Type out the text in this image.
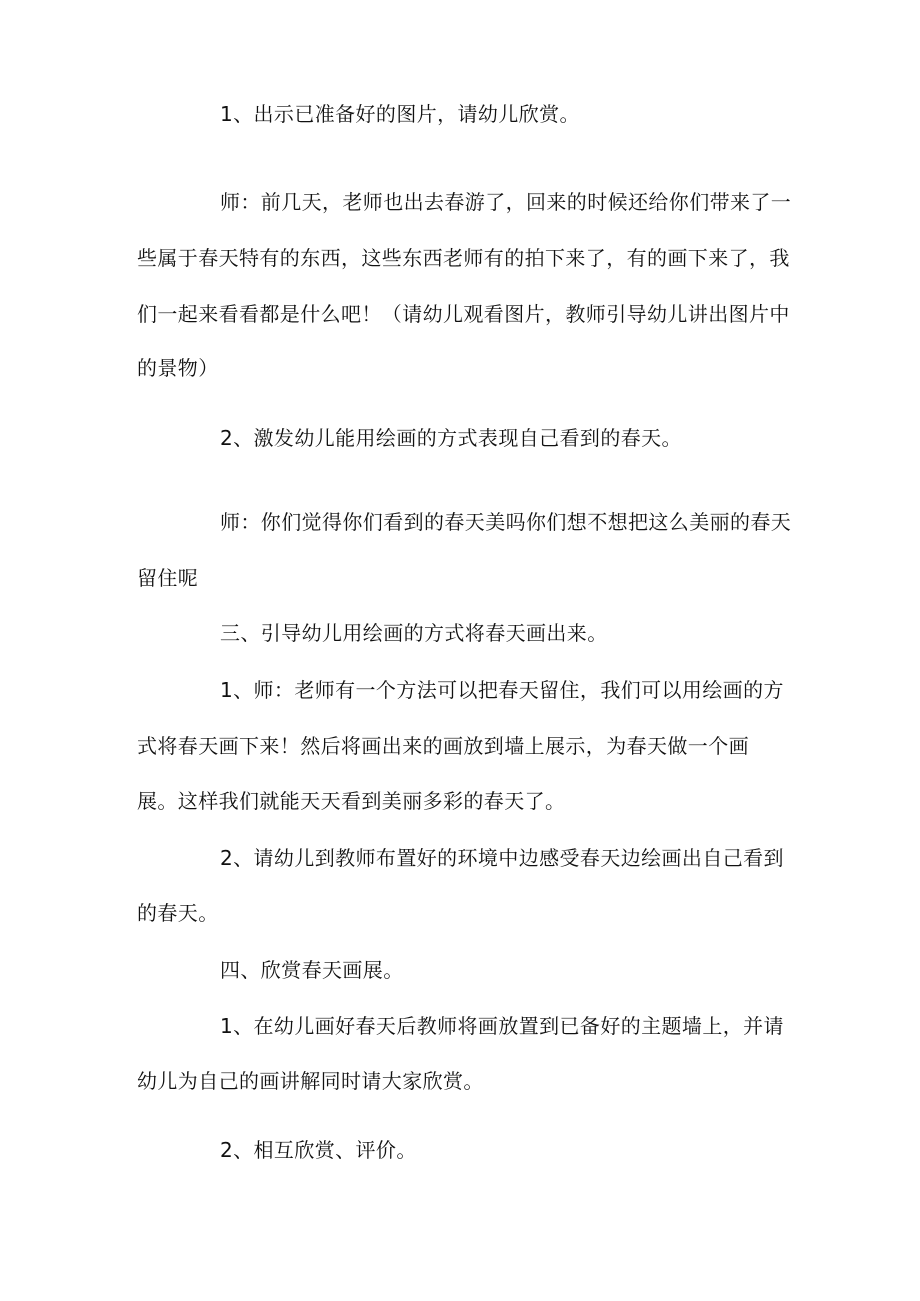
1、出示已准备好的图片，请幼儿欣赏。
师：前几天，老师也出去春游了，回来的时候还给你们带来了一
些属于春天特有的东西，这些东西老师有的拍下来了，有的画下来了，我
们一起来看看都是什么吧！（请幼儿观看图片，教师引导幼儿讲出图片中
的景物）
2、激发幼儿能用绘画的方式表现自己看到的春天。
师：你们觉得你们看到的春天美吗你们想不想把这么美丽的春天
留住呢
三、引导幼儿用绘画的方式将春天画出来。
1、师：老师有一个方法可以把春天留住，我们可以用绘画的方
式将春天画下来！然后将画出来的画放到墙上展示，为春天做一个画
展。这样我们就能天天看到美丽多彩的春天了。
2、请幼儿到教师布置好的环境中边感受春天边绘画出自己看到
的春天。
四、欣赏春天画展。
1、在幼儿画好春天后教师将画放置到已备好的主题墙上，并请
幼儿为自己的画讲解同时请大家欣赏。
2、相互欣赏、评价。
